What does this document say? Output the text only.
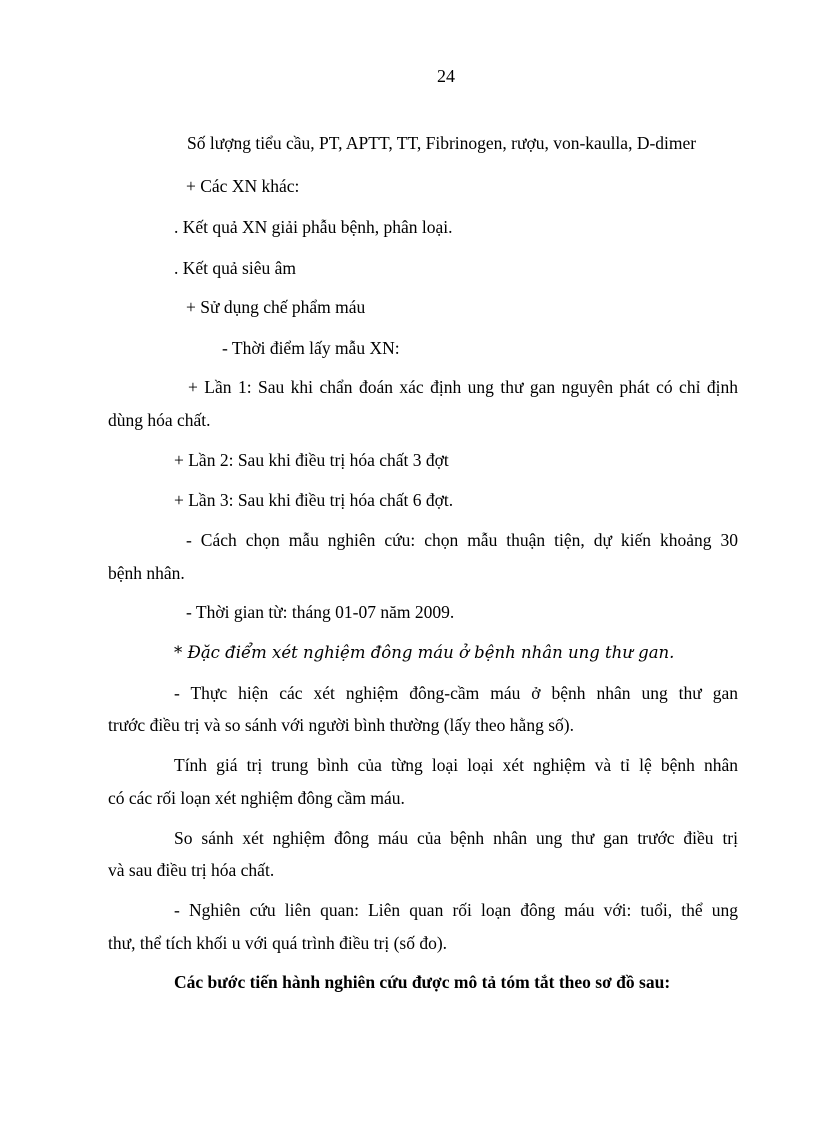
24
Số lượng tiểu cầu, PT, APTT, TT, Fibrinogen, rượu, von-kaulla, D-dimer
+ Các XN khác:
. Kết quả XN giải phẫu bệnh, phân loại.
. Kết quả siêu âm
+ Sử dụng chế phẩm máu
- Thời điểm lấy mẫu XN:
+ Lần 1: Sau khi chẩn đoán xác định ung thư gan nguyên phát có chỉ định
dùng hóa chất.
+ Lần 2: Sau khi điều trị hóa chất 3 đợt
+ Lần 3: Sau khi điều trị hóa chất 6 đợt.
- Cách chọn mẫu nghiên cứu: chọn mẫu thuận tiện, dự kiến khoảng 30
bệnh nhân.
- Thời gian từ: tháng 01-07 năm 2009.
* Đặc điểm xét nghiệm đông máu ở bệnh nhân ung thư gan.
- Thực hiện các xét nghiệm đông-cầm máu ở bệnh nhân ung thư gan
trước điều trị và so sánh với người bình thường (lấy theo hằng số).
Tính giá trị trung bình của từng loại loại xét nghiệm và tỉ lệ bệnh nhân
có các rối loạn xét nghiệm đông cầm máu.
So sánh xét nghiệm đông máu của bệnh nhân ung thư gan trước điều trị
và sau điều trị hóa chất.
- Nghiên cứu liên quan: Liên quan rối loạn đông máu với: tuổi, thể ung
thư, thể tích khối u với quá trình điều trị (số đo).
Các bước tiến hành nghiên cứu được mô tả tóm tắt theo sơ đồ sau:
